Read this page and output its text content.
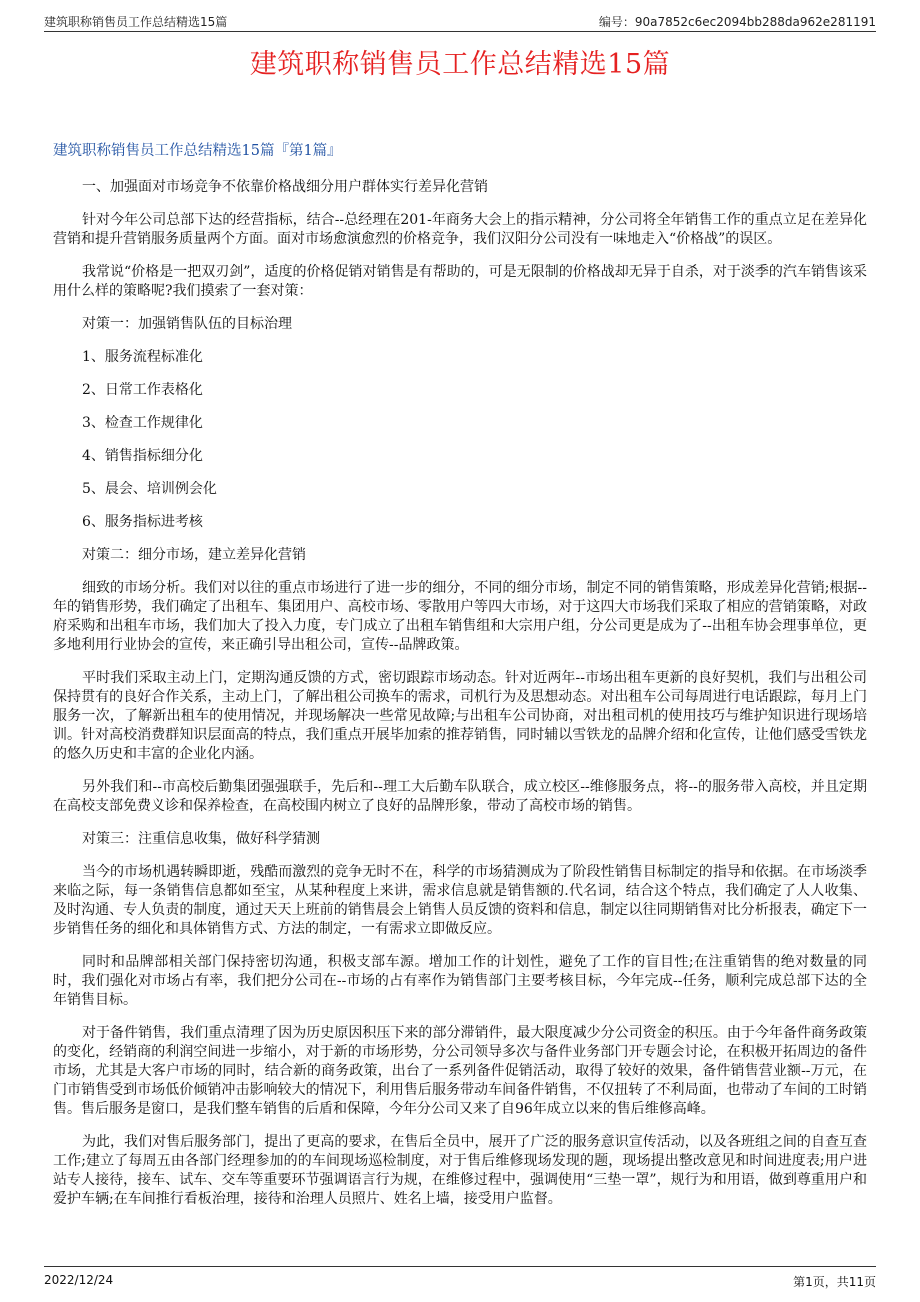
建筑职称销售员工作总结精选15篇	编号：90a7852c6ec2094bb288da962e281191
建筑职称销售员工作总结精选15篇
建筑职称销售员工作总结精选15篇『第1篇』

一、加强面对市场竞争不依靠价格战细分用户群体实行差异化营销

针对今年公司总部下达的经营指标，结合--总经理在201-年商务大会上的指示精神，分公司将全年销售工作的重点立足在差异化营销和提升营销服务质量两个方面。面对市场愈演愈烈的价格竞争，我们汉阳分公司没有一味地走入“价格战”的误区。

我常说“价格是一把双刃剑”，适度的价格促销对销售是有帮助的，可是无限制的价格战却无异于自杀，对于淡季的汽车销售该采用什么样的策略呢?我们摸索了一套对策：

对策一：加强销售队伍的目标治理

1、服务流程标准化

2、日常工作表格化

3、检查工作规律化

4、销售指标细分化

5、晨会、培训例会化

6、服务指标进考核

对策二：细分市场，建立差异化营销

细致的市场分析。我们对以往的重点市场进行了进一步的细分，不同的细分市场，制定不同的销售策略，形成差异化营销;根据--年的销售形势，我们确定了出租车、集团用户、高校市场、零散用户等四大市场，对于这四大市场我们采取了相应的营销策略，对政府采购和出租车市场，我们加大了投入力度，专门成立了出租车销售组和大宗用户组，分公司更是成为了--出租车协会理事单位，更多地利用行业协会的宣传，来正确引导出租公司，宣传--品牌政策。

平时我们采取主动上门，定期沟通反馈的方式，密切跟踪市场动态。针对近两年--市场出租车更新的良好契机，我们与出租公司保持贯有的良好合作关系，主动上门，了解出租公司换车的需求，司机行为及思想动态。对出租车公司每周进行电话跟踪，每月上门服务一次，了解新出租车的使用情况，并现场解决一些常见故障;与出租车公司协商，对出租司机的使用技巧与维护知识进行现场培训。针对高校消费群知识层面高的特点，我们重点开展毕加索的推荐销售，同时辅以雪铁龙的品牌介绍和化宣传，让他们感受雪铁龙的悠久历史和丰富的企业化内涵。

另外我们和--市高校后勤集团强强联手，先后和--理工大后勤车队联合，成立校区--维修服务点，将--的服务带入高校，并且定期在高校支部免费义诊和保养检查，在高校围内树立了良好的品牌形象，带动了高校市场的销售。

对策三：注重信息收集，做好科学猜测

当今的市场机遇转瞬即逝，残酷而激烈的竞争无时不在，科学的市场猜测成为了阶段性销售目标制定的指导和依据。在市场淡季来临之际，每一条销售信息都如至宝，从某种程度上来讲，需求信息就是销售额的.代名词，结合这个特点，我们确定了人人收集、及时沟通、专人负责的制度，通过天天上班前的销售晨会上销售人员反馈的资料和信息，制定以往同期销售对比分析报表，确定下一步销售任务的细化和具体销售方式、方法的制定，一有需求立即做反应。

同时和品牌部相关部门保持密切沟通，积极支部车源。增加工作的计划性，避免了工作的盲目性;在注重销售的绝对数量的同时，我们强化对市场占有率，我们把分公司在--市场的占有率作为销售部门主要考核目标，今年完成--任务，顺利完成总部下达的全年销售目标。

对于备件销售，我们重点清理了因为历史原因积压下来的部分滞销件，最大限度减少分公司资金的积压。由于今年备件商务政策的变化，经销商的利润空间进一步缩小，对于新的市场形势，分公司领导多次与备件业务部门开专题会讨论，在积极开拓周边的备件市场，尤其是大客户市场的同时，结合新的商务政策，出台了一系列备件促销活动，取得了较好的效果，备件销售营业额--万元，在门市销售受到市场低价倾销冲击影响较大的情况下，利用售后服务带动车间备件销售，不仅扭转了不利局面，也带动了车间的工时销售。售后服务是窗口，是我们整车销售的后盾和保障，今年分公司又来了自96年成立以来的售后维修高峰。

为此，我们对售后服务部门，提出了更高的要求，在售后全员中，展开了广泛的服务意识宣传活动，以及各班组之间的自查互查工作;建立了每周五由各部门经理参加的的车间现场巡检制度，对于售后维修现场发现的题，现场提出整改意见和时间进度表;用户进站专人接待，接车、试车、交车等重要环节强调语言行为规，在维修过程中，强调使用“三垫一罩”，规行为和用语，做到尊重用户和爱护车辆;在车间推行看板治理，接待和治理人员照片、姓名上墙，接受用户监督。

2022/12/24	第1页，共11页
